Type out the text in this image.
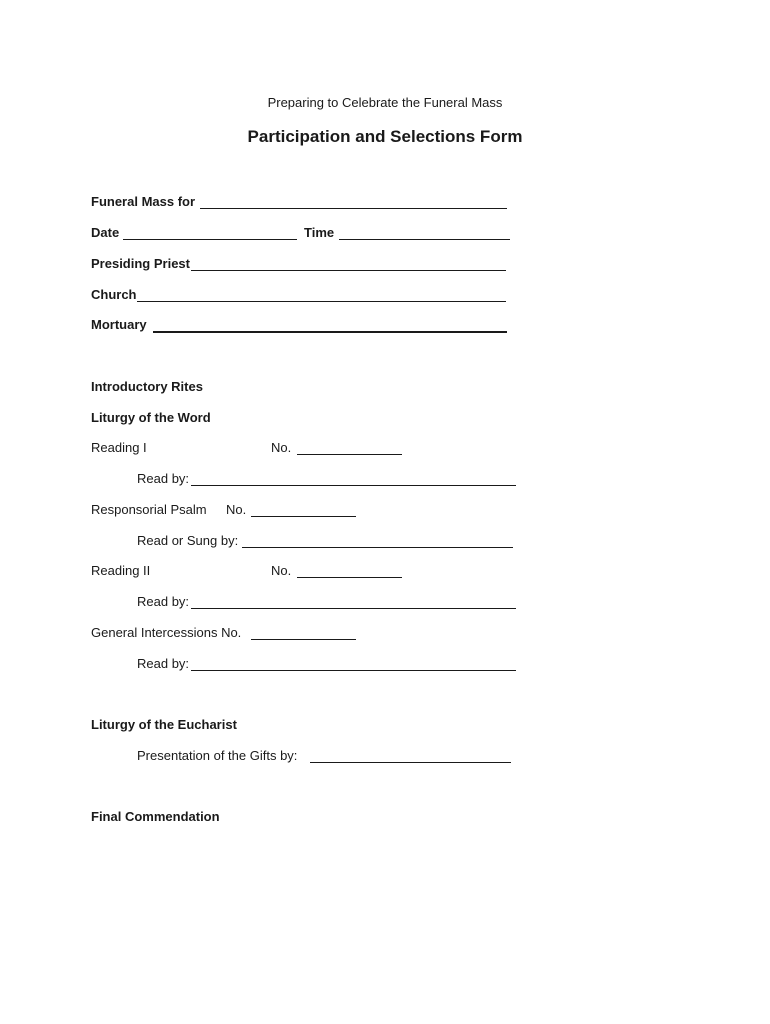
Preparing to Celebrate the Funeral Mass
Participation and Selections Form
Funeral Mass for
Date	Time
Presiding Priest
Church
Mortuary
Introductory Rites
Liturgy of the Word
Reading I	No.
Read by:
Responsorial Psalm No.
Read or Sung by:
Reading II	No.
Read by:
General Intercessions No.
Read by:
Liturgy of the Eucharist
Presentation of the Gifts by:
Final Commendation
